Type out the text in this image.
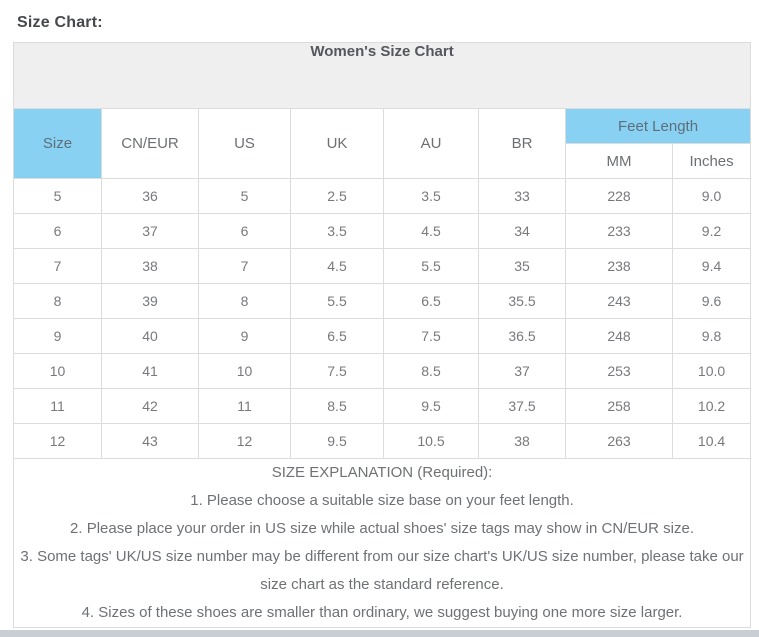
Size Chart:
Women's Size Chart							
Size	CN/EUR	US	UK	AU	BR	Feet Length	
						MM	Inches
5	36	5	2.5	3.5	33	228	9.0
6	37	6	3.5	4.5	34	233	9.2
7	38	7	4.5	5.5	35	238	9.4
8	39	8	5.5	6.5	35.5	243	9.6
9	40	9	6.5	7.5	36.5	248	9.8
10	41	10	7.5	8.5	37	253	10.0
11	42	11	8.5	9.5	37.5	258	10.2
12	43	12	9.5	10.5	38	263	10.4

SIZE EXPLANATION (Required):
1. Please choose a suitable size base on your feet length.
2. Please place your order in US size while actual shoes' size tags may show in CN/EUR size.
3. Some tags' UK/US size number may be different from our size chart's UK/US size number, please take our size chart as the standard reference.
4. Sizes of these shoes are smaller than ordinary, we suggest buying one more size larger.							
